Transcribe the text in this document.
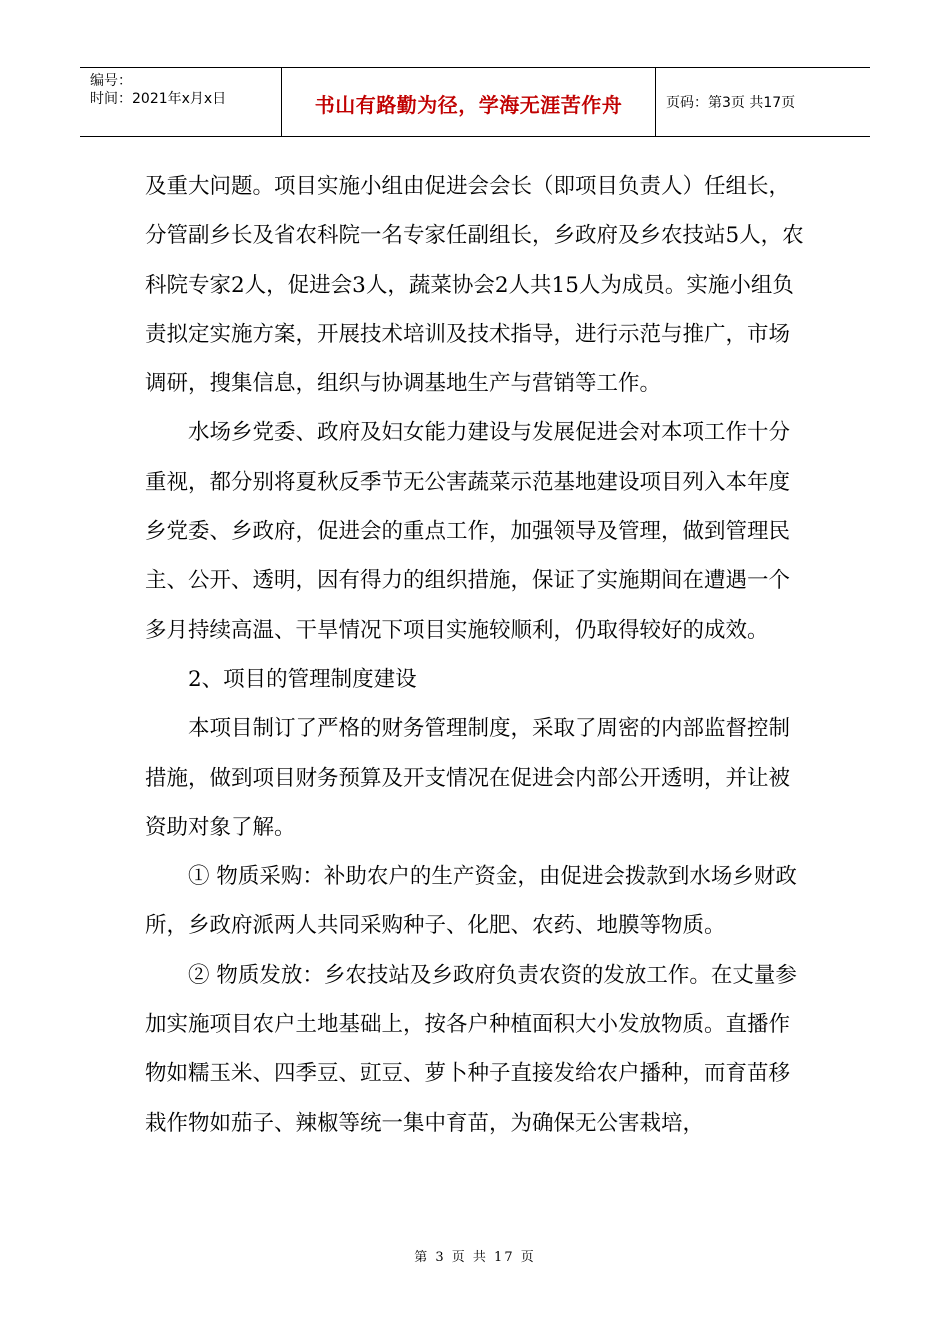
编号：
时间：2021年x月x日	书山有路勤为径，学海无涯苦作舟	页码：第3页 共17页

及重大问题。项目实施小组由促进会会长（即项目负责人）任组长，分管副乡长及省农科院一名专家任副组长，乡政府及乡农技站5人，农科院专家2人，促进会3人，蔬菜协会2人共15人为成员。实施小组负责拟定实施方案，开展技术培训及技术指导，进行示范与推广，市场调研，搜集信息，组织与协调基地生产与营销等工作。

水场乡党委、政府及妇女能力建设与发展促进会对本项工作十分重视，都分别将夏秋反季节无公害蔬菜示范基地建设项目列入本年度乡党委、乡政府，促进会的重点工作，加强领导及管理，做到管理民主、公开、透明，因有得力的组织措施，保证了实施期间在遭遇一个多月持续高温、干旱情况下项目实施较顺利，仍取得较好的成效。

2、项目的管理制度建设

本项目制订了严格的财务管理制度，采取了周密的内部监督控制措施，做到项目财务预算及开支情况在促进会内部公开透明，并让被资助对象了解。

① 物质采购：补助农户的生产资金，由促进会拨款到水场乡财政所，乡政府派两人共同采购种子、化肥、农药、地膜等物质。

② 物质发放：乡农技站及乡政府负责农资的发放工作。在丈量参加实施项目农户土地基础上，按各户种植面积大小发放物质。直播作物如糯玉米、四季豆、豇豆、萝卜种子直接发给农户播种，而育苗移栽作物如茄子、辣椒等统一集中育苗，为确保无公害栽培，

第 3 页 共 17 页
